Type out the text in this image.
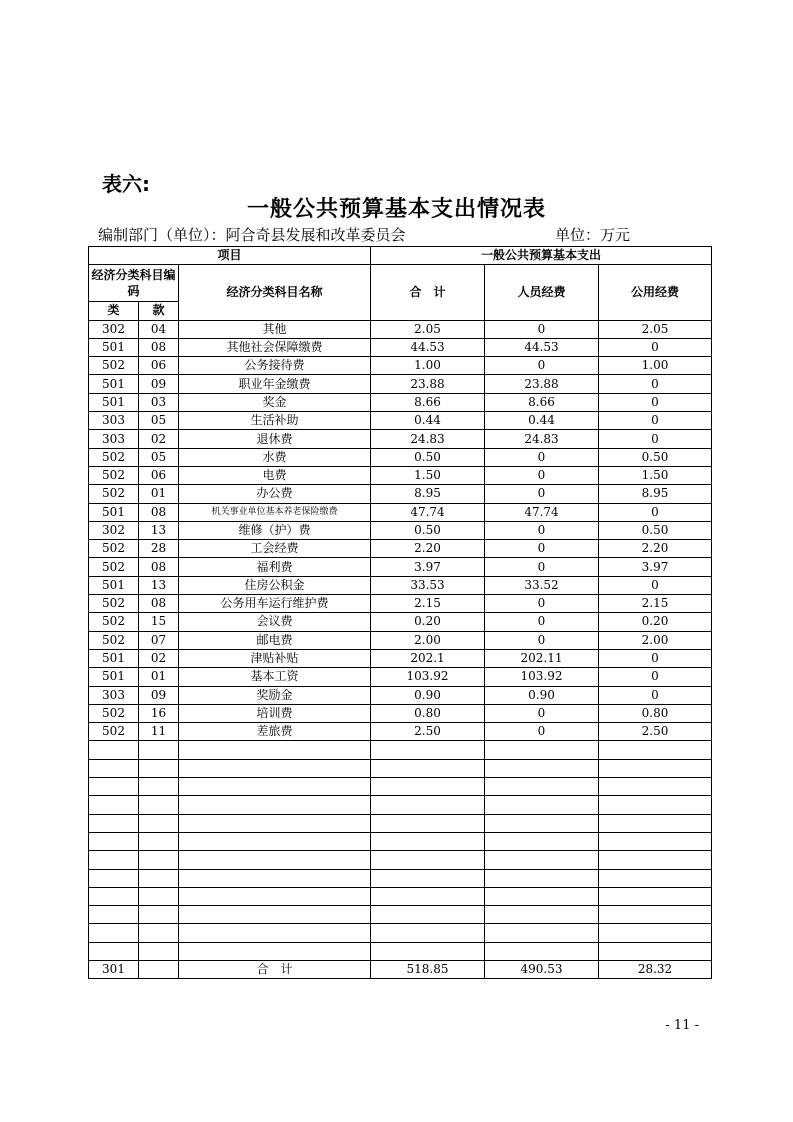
表六:
一般公共预算基本支出情况表
编制部门（单位）：阿合奇县发展和改革委员会	单位：万元
项目			一般公共预算基本支出		
经济分类科目编码		经济分类科目名称	合　计	人员经费	公用经费
类	款				
302	04	其他	2.05	0	2.05
501	08	其他社会保障缴费	44.53	44.53	0
502	06	公务接待费	1.00	0	1.00
501	09	职业年金缴费	23.88	23.88	0
501	03	奖金	8.66	8.66	0
303	05	生活补助	0.44	0.44	0
303	02	退休费	24.83	24.83	0
502	05	水费	0.50	0	0.50
502	06	电费	1.50	0	1.50
502	01	办公费	8.95	0	8.95
501	08	机关事业单位基本养老保险缴费	47.74	47.74	0
302	13	维修（护）费	0.50	0	0.50
502	28	工会经费	2.20	0	2.20
502	08	福利费	3.97	0	3.97
501	13	住房公积金	33.53	33.52	0
502	08	公务用车运行维护费	2.15	0	2.15
502	15	会议费	0.20	0	0.20
502	07	邮电费	2.00	0	2.00
501	02	津贴补贴	202.1	202.11	0
501	01	基本工资	103.92	103.92	0
303	09	奖励金	0.90	0.90	0
502	16	培训费	0.80	0	0.80
502	11	差旅费	2.50	0	2.50

301		合　计	518.85	490.53	28.32
- 11 -
